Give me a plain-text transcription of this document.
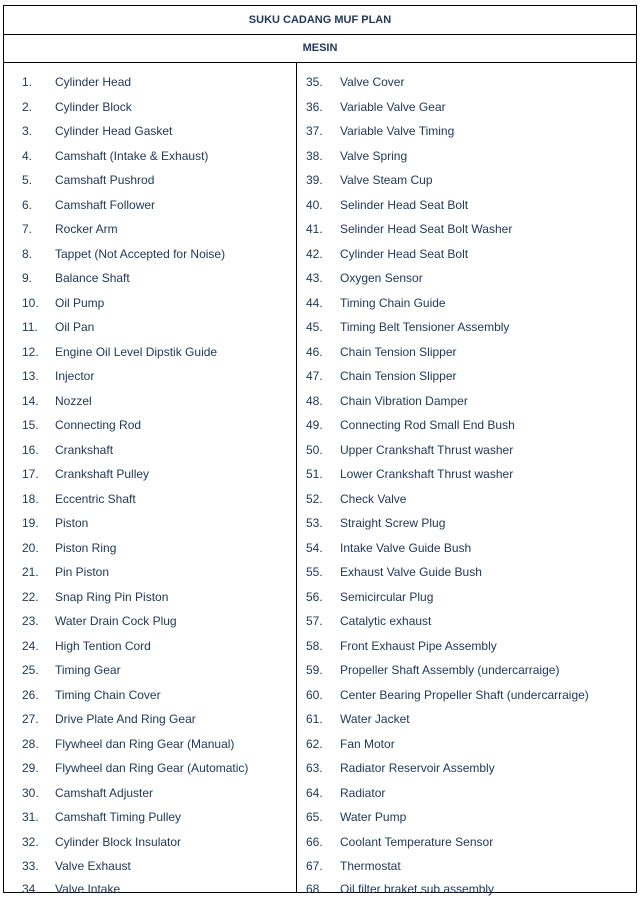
SUKU CADANG MUF PLAN
MESIN
1.	Cylinder Head
2.	Cylinder Block
3.	Cylinder Head Gasket
4.	Camshaft (Intake & Exhaust)
5.	Camshaft Pushrod
6.	Camshaft Follower
7.	Rocker Arm
8.	Tappet (Not Accepted for Noise)
9.	Balance Shaft
10.	Oil Pump
11.	Oil Pan
12.	Engine Oil Level Dipstik Guide
13.	Injector
14.	Nozzel
15.	Connecting Rod
16.	Crankshaft
17.	Crankshaft Pulley
18.	Eccentric Shaft
19.	Piston
20.	Piston Ring
21.	Pin Piston
22.	Snap Ring Pin Piston
23.	Water Drain Cock Plug
24.	High Tention Cord
25.	Timing Gear
26.	Timing Chain Cover
27.	Drive Plate And Ring Gear
28.	Flywheel dan Ring Gear (Manual)
29.	Flywheel dan Ring Gear (Automatic)
30.	Camshaft Adjuster
31.	Camshaft Timing Pulley
32.	Cylinder Block Insulator
33.	Valve Exhaust
34.	Valve Intake
35.	Valve Cover
36.	Variable Valve Gear
37.	Variable Valve Timing
38.	Valve Spring
39.	Valve Steam Cup
40.	Selinder Head Seat Bolt
41.	Selinder Head Seat Bolt Washer
42.	Cylinder Head Seat Bolt
43.	Oxygen Sensor
44.	Timing Chain Guide
45.	Timing Belt Tensioner Assembly
46.	Chain Tension Slipper
47.	Chain Tension Slipper
48.	Chain Vibration Damper
49.	Connecting Rod Small End Bush
50.	Upper Crankshaft Thrust washer
51.	Lower Crankshaft Thrust washer
52.	Check Valve
53.	Straight Screw Plug
54.	Intake Valve Guide Bush
55.	Exhaust Valve Guide Bush
56.	Semicircular Plug
57.	Catalytic exhaust
58.	Front Exhaust Pipe Assembly
59.	Propeller Shaft Assembly (undercarraige)
60.	Center Bearing Propeller Shaft (undercarraige)
61.	Water Jacket
62.	Fan Motor
63.	Radiator Reservoir Assembly
64.	Radiator
65.	Water Pump
66.	Coolant Temperature Sensor
67.	Thermostat
68.	Oil filter braket sub assembly
